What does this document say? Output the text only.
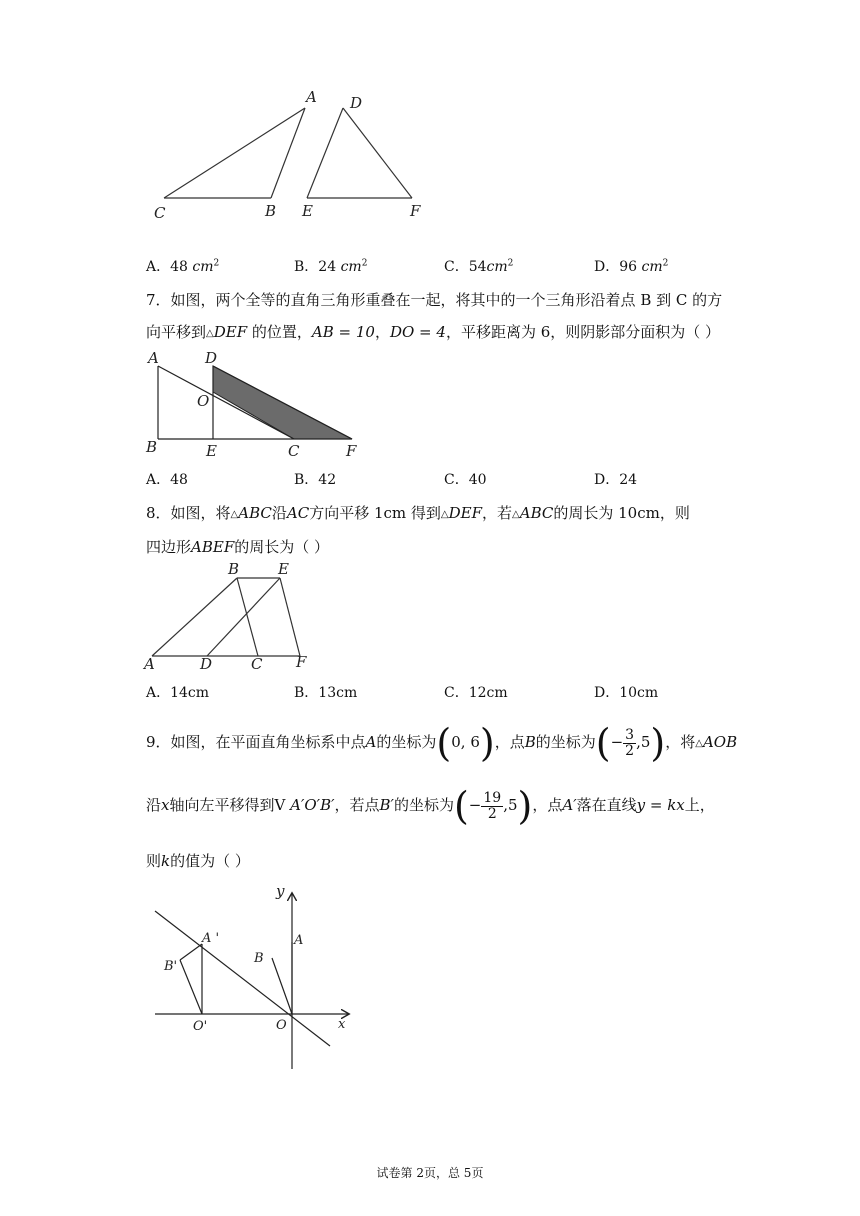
A
C	B
D
E	F
A．48 $cm^2$	B．24 $cm^2$	C．$54cm^2$	D．96 $cm^2$
7．如图，两个全等的直角三角形重叠在一起，将其中的一个三角形沿着点 B 到 C 的方
向平移到△DEF 的位置，AB = 10，DO = 4，平移距离为 6，则阴影部分面积为（ ）
A	D
O
B	E	C	F
A．48	B．42	C．40	D．24
8．如图，将△ABC沿AC方向平移 1cm 得到△DEF，若△ABC的周长为 10cm，则
四边形ABEF的周长为（ ）
B	E
A	D	C F
A．14cm	B．13cm	C．12cm	D．10cm
9．如图，在平面直角坐标系中点A的坐标为(0, 6)，点B的坐标为(− $\frac{3}{2} ,5$)，将△AOB
沿x轴向左平移得到V A′O′B′，若点B′的坐标为(− $\frac{19}{2} ,5$)，点A′落在直线y = kx上，
则k的值为（ ）
y
A '	A
B'
B
O'	O	x
试卷第 2页，总 5页
